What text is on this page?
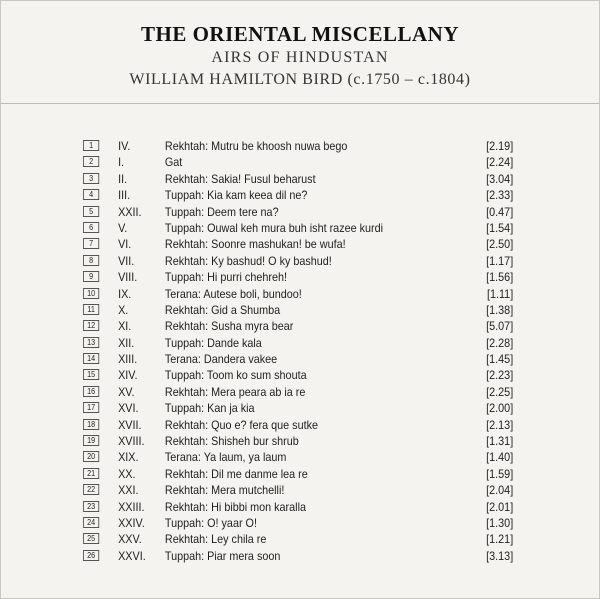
THE ORIENTAL MISCELLANY
AIRS OF HINDUSTAN
WILLIAM HAMILTON BIRD (c.1750 – c.1804)
1	IV.	Rekhtah: Mutru be khoosh nuwa bego	[2.19]
2	I.	Gat	[2.24]
3	II.	Rekhtah: Sakia! Fusul beharust	[3.04]
4	III.	Tuppah: Kia kam keea dil ne?	[2.33]
5	XXII. Tuppah: Deem tere na?	[0.47]
6	V.	Tuppah: Ouwal keh mura buh isht razee kurdi	[1.54]
7	VI.	Rekhtah: Soonre mashukan! be wufa!	[2.50]
8	VII.	Rekhtah: Ky bashud! O ky bashud!	[1.17]
9	VIII. Tuppah: Hi purri chehreh!	[1.56]
10	IX.	Terana: Autese boli, bundoo!	[1.11]
11	X.	Rekhtah: Gid a Shumba	[1.38]
12	XI.	Rekhtah: Susha myra bear	[5.07]
13	XII.	Tuppah: Dande kala	[2.28]
14	XIII. Terana: Dandera vakee	[1.45]
15	XIV. Tuppah: Toom ko sum shouta	[2.23]
16	XV.	Rekhtah: Mera peara ab ia re	[2.25]
17	XVI. Tuppah: Kan ja kia	[2.00]
18	XVII. Rekhtah: Quo e? fera que sutke	[2.13]
19	XVIII. Rekhtah: Shisheh bur shrub	[1.31]
20	XIX. Terana: Ya laum, ya laum	[1.40]
21	XX. Rekhtah: Dil me danme lea re	[1.59]
22	XXI. Rekhtah: Mera mutchelli!	[2.04]
23	XXIII. Rekhtah: Hi bibbi mon karalla	[2.01]
24	XXIV. Tuppah: O! yaar O!	[1.30]
25	XXV. Rekhtah: Ley chila re	[1.21]
26	XXVI. Tuppah: Piar mera soon	[3.13]
